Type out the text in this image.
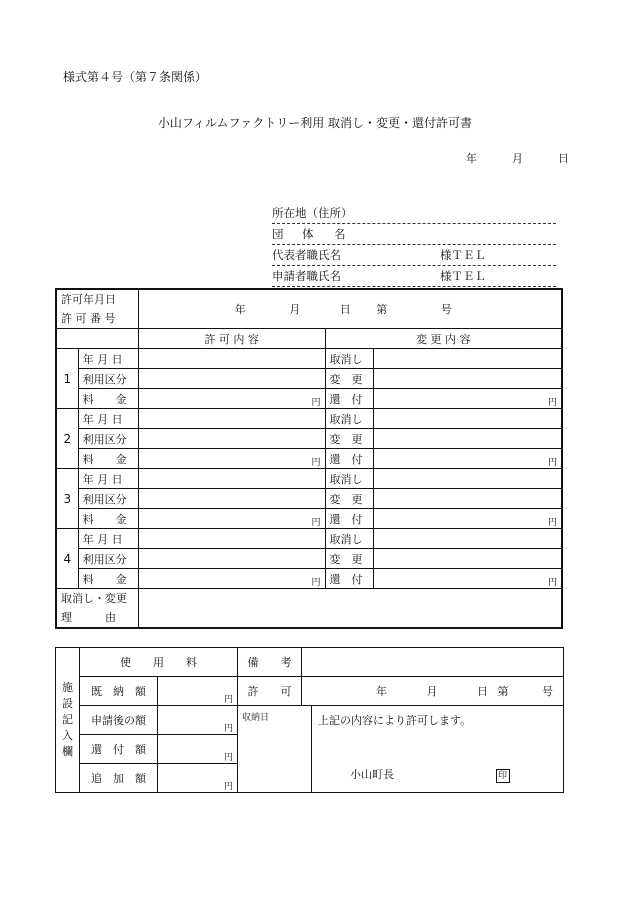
様式第４号（第７条関係）
小山フィルムファクトリー利用 取消し・変更・還付許可書
年	月	日
所在地（住所）
団 体 名
代表者職氏名	様ＴＥＬ
申請者職氏名	様ＴＥＬ
許可年月日
許 可 番 号		年 月 日 第 号		
		許 可 内 容	変 更 内 容	
1	年 月 日		取消し	
	利用区分		変　更	
	料　　金	円	還　付	円
2	年 月 日		取消し	
	利用区分		変　更	
	料　　金	円	還　付	円
3	年 月 日		取消し	
	利用区分		変　更	
	料　　金	円	還　付	円
4	年 月 日		取消し	
	利用区分		変　更	
	料　　金	円	還　付	円

取消し・変更
理　　　由				

施
設
記
入
欄	使　　用　　料		備　　考		
	既　納　額	円	許　　可	年 月 日 第 号	
	申請後の額	円	収納日		上記の内容により許可します。
小山町長 印

	還　付　額	円			
	追　加　額	円			
